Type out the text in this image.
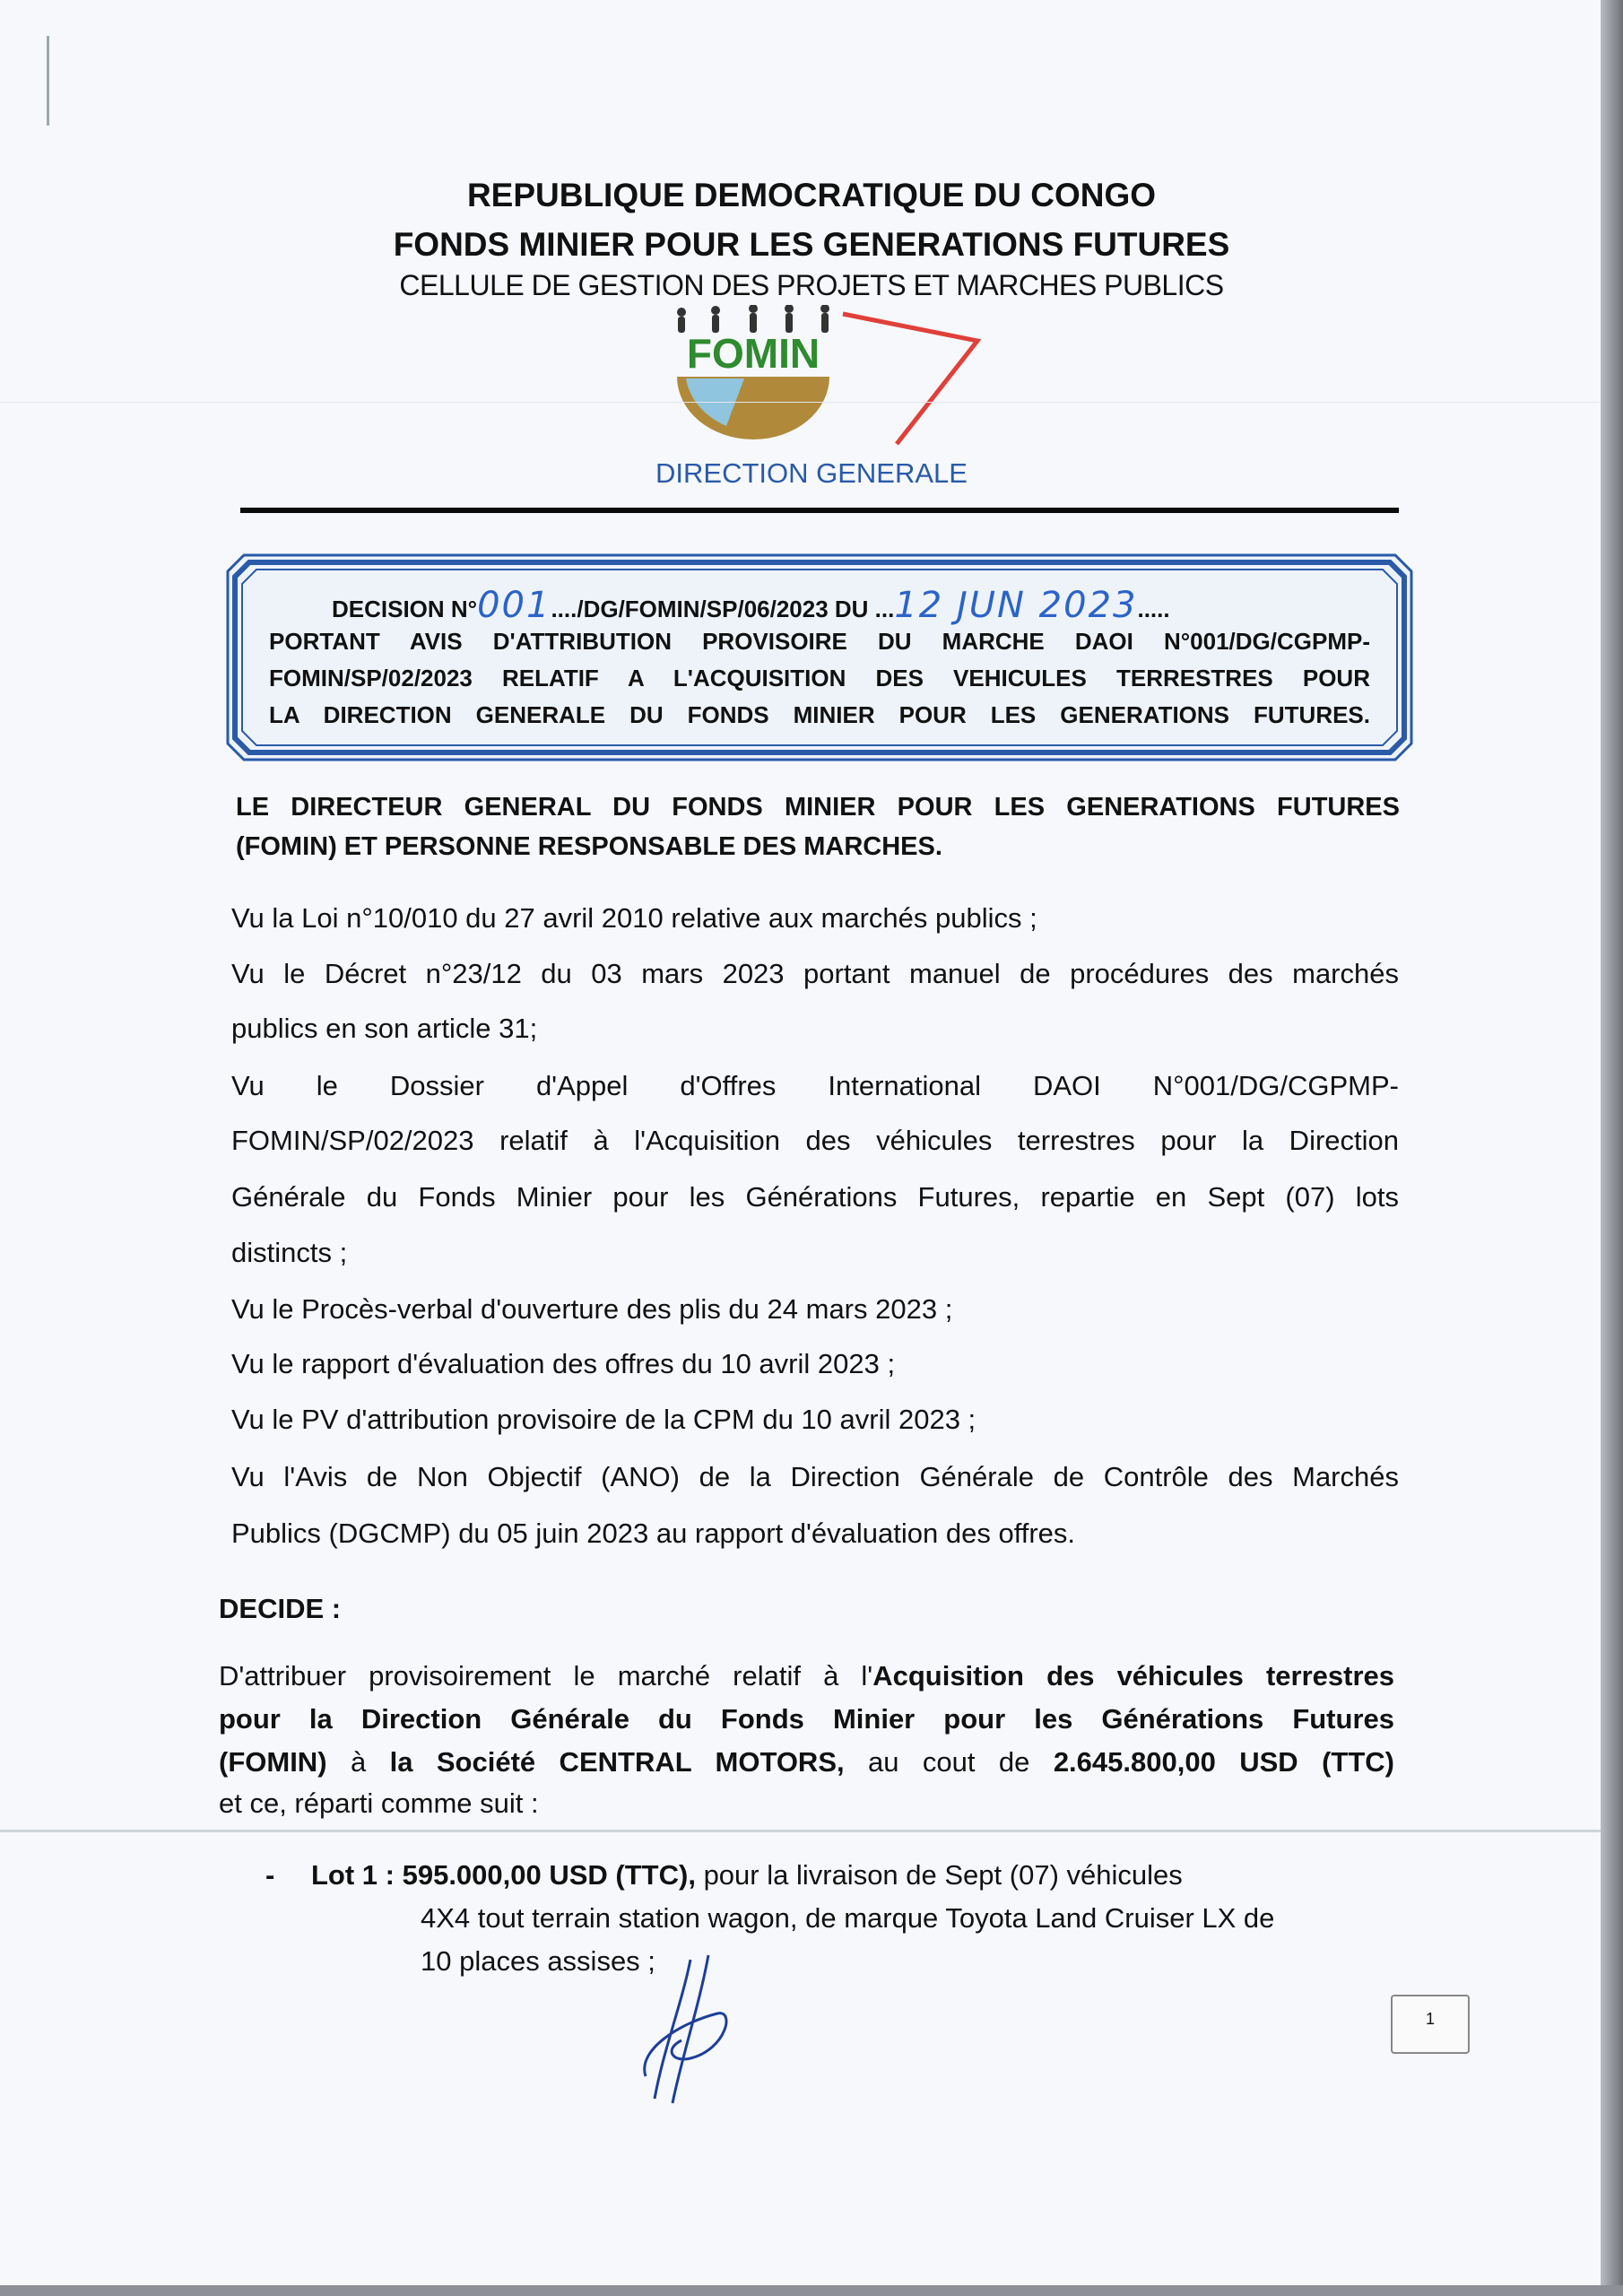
REPUBLIQUE DEMOCRATIQUE DU CONGO
FONDS MINIER POUR LES GENERATIONS FUTURES
CELLULE DE GESTION DES PROJETS ET MARCHES PUBLICS
FOMIN
DIRECTION GENERALE
DECISION N°001..../DG/FOMIN/SP/06/2023 DU ...12 JUN 2023.....
PORTANT AVIS D'ATTRIBUTION PROVISOIRE DU MARCHE DAOI N°001/DG/CGPMP-
FOMIN/SP/02/2023 RELATIF A L'ACQUISITION DES VEHICULES TERRESTRES POUR
LA DIRECTION GENERALE DU FONDS MINIER POUR LES GENERATIONS FUTURES.
LE DIRECTEUR GENERAL DU FONDS MINIER POUR LES GENERATIONS FUTURES
(FOMIN) ET PERSONNE RESPONSABLE DES MARCHES.
Vu la Loi n°10/010 du 27 avril 2010 relative aux marchés publics ;
Vu le Décret n°23/12 du 03 mars 2023 portant manuel de procédures des marchés
publics en son article 31;
Vu le Dossier d'Appel d'Offres International DAOI N°001/DG/CGPMP-
FOMIN/SP/02/2023 relatif à l'Acquisition des véhicules terrestres pour la Direction
Générale du Fonds Minier pour les Générations Futures, repartie en Sept (07) lots
distincts ;
Vu le Procès-verbal d'ouverture des plis du 24 mars 2023 ;
Vu le rapport d'évaluation des offres du 10 avril 2023 ;
Vu le PV d'attribution provisoire de la CPM du 10 avril 2023 ;
Vu l'Avis de Non Objectif (ANO) de la Direction Générale de Contrôle des Marchés
Publics (DGCMP) du 05 juin 2023 au rapport d'évaluation des offres.
DECIDE :
D'attribuer provisoirement le marché relatif à l'Acquisition des véhicules terrestres
pour la Direction Générale du Fonds Minier pour les Générations Futures
(FOMIN) à la Société CENTRAL MOTORS, au cout de 2.645.800,00 USD (TTC)
et ce, réparti comme suit :
- Lot 1 : 595.000,00 USD (TTC), pour la livraison de Sept (07) véhicules
4X4 tout terrain station wagon, de marque Toyota Land Cruiser LX de
10 places assises ;
1
